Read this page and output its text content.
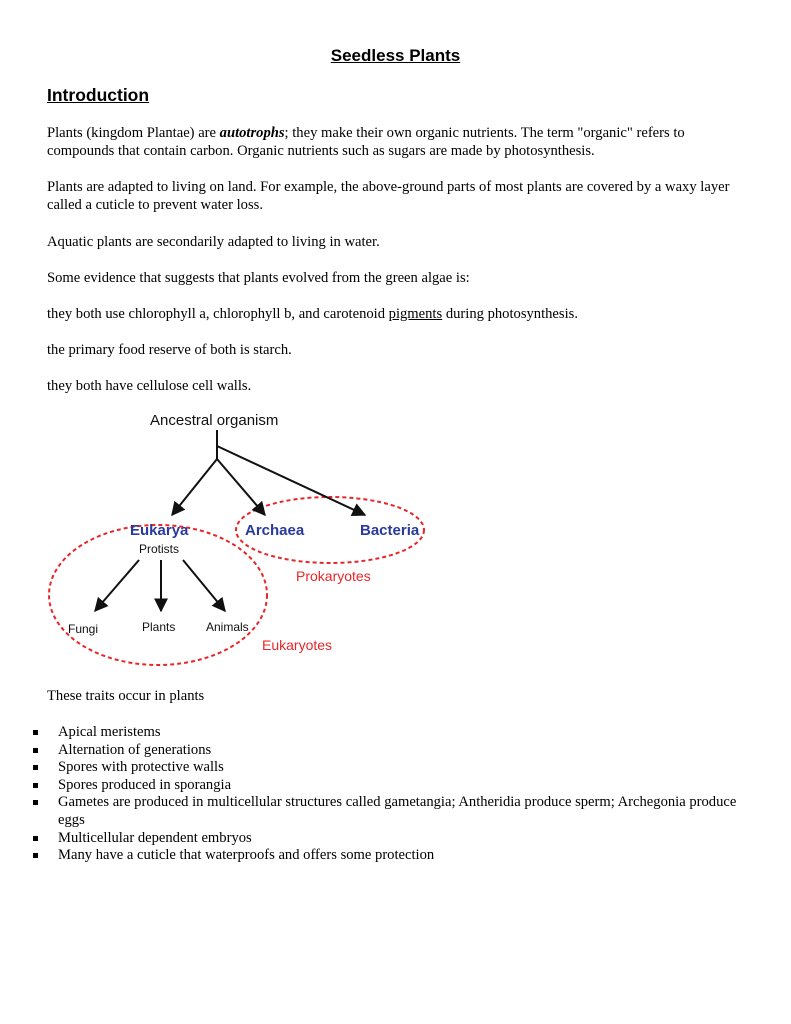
Seedless Plants
Introduction
Plants (kingdom Plantae) are autotrophs; they make their own organic nutrients. The term "organic" refers to compounds that contain carbon. Organic nutrients such as sugars are made by photosynthesis.
Plants are adapted to living on land. For example, the above-ground parts of most plants are covered by a waxy layer called a cuticle to prevent water loss.
Aquatic plants are secondarily adapted to living in water.
Some evidence that suggests that plants evolved from the green algae is:
they both use chlorophyll a, chlorophyll b, and carotenoid pigments during photosynthesis.
the primary food reserve of both is starch.
they both have cellulose cell walls.
Ancestral organism
Eukarya	Archaea	Bacteria
Protists
Fungi	Plants	Animals
Prokaryotes
Eukaryotes
These traits occur in plants
Apical meristems
Alternation of generations
Spores with protective walls
Spores produced in sporangia
Gametes are produced in multicellular structures called gametangia; Antheridia produce sperm; Archegonia produce eggs
Multicellular dependent embryos
Many have a cuticle that waterproofs and offers some protection
